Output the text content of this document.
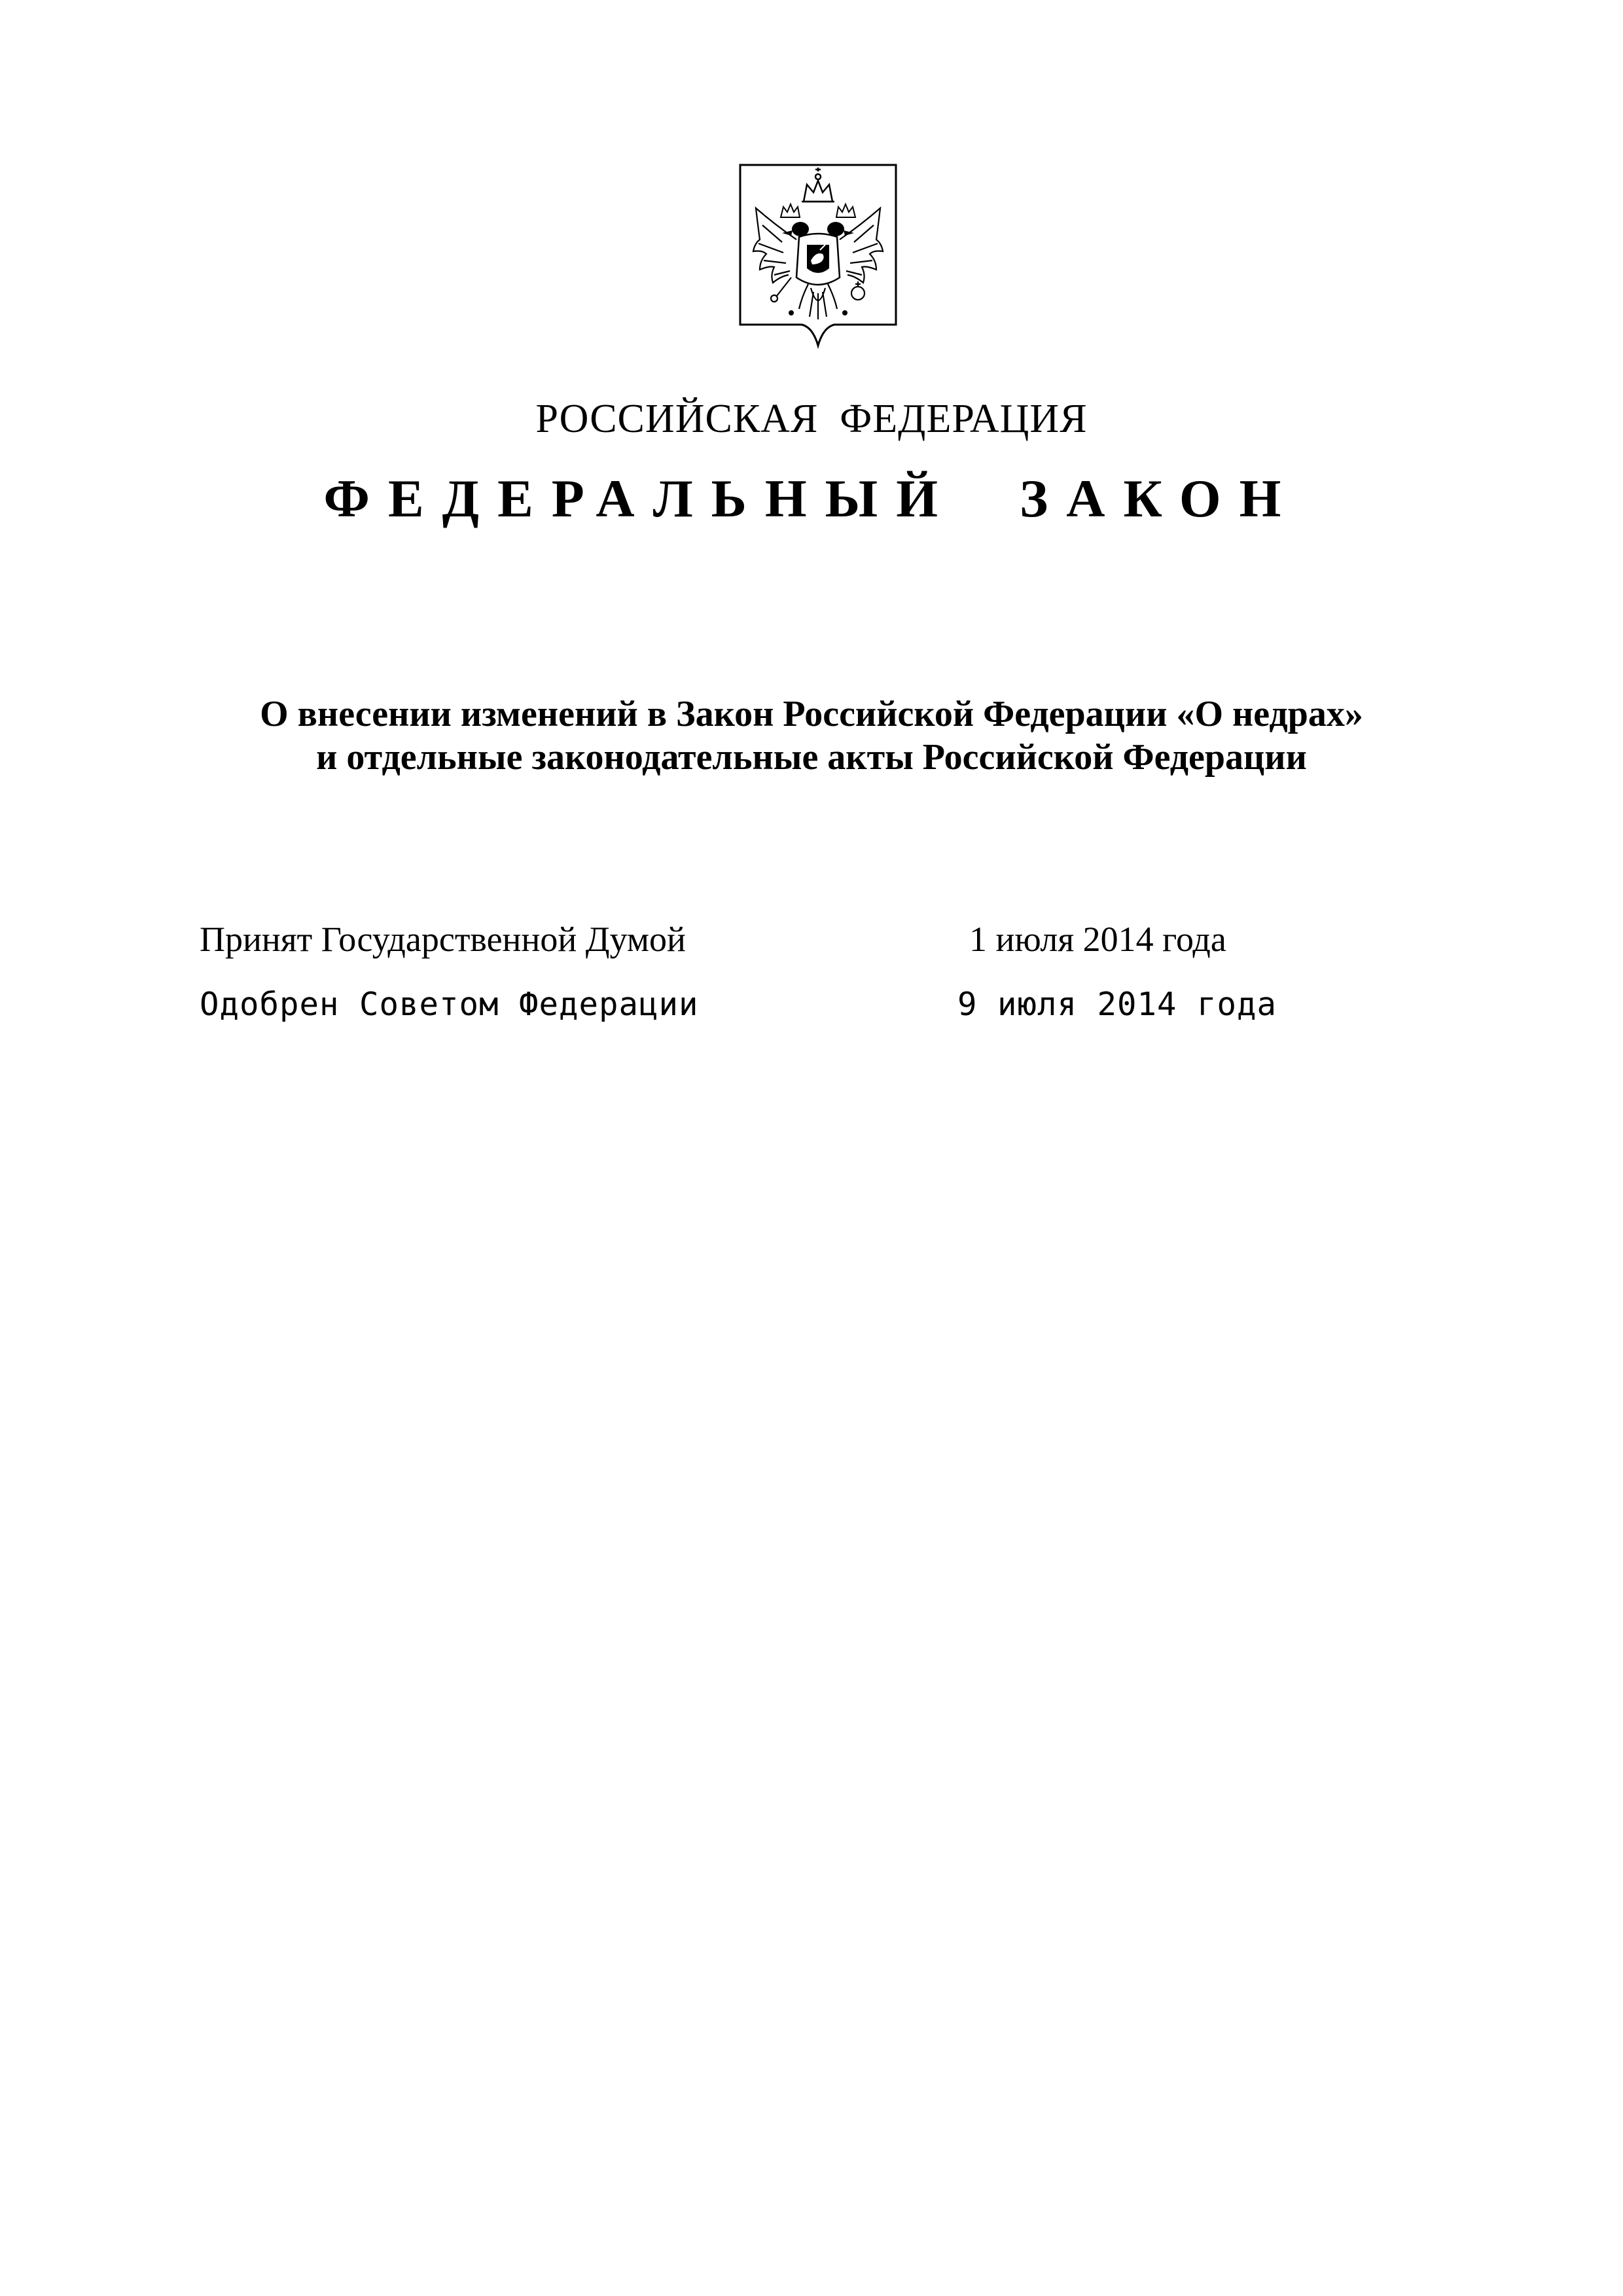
РОССИЙСКАЯ  ФЕДЕРАЦИЯ
ФЕДЕРАЛЬНЫЙ  ЗАКОН
О внесении изменений в Закон Российской Федерации «О недрах»
и отдельные законодательные акты Российской Федерации
Принят Государственной Думой	1 июля 2014 года
Одобрен Советом Федерации	9 июля 2014 года
